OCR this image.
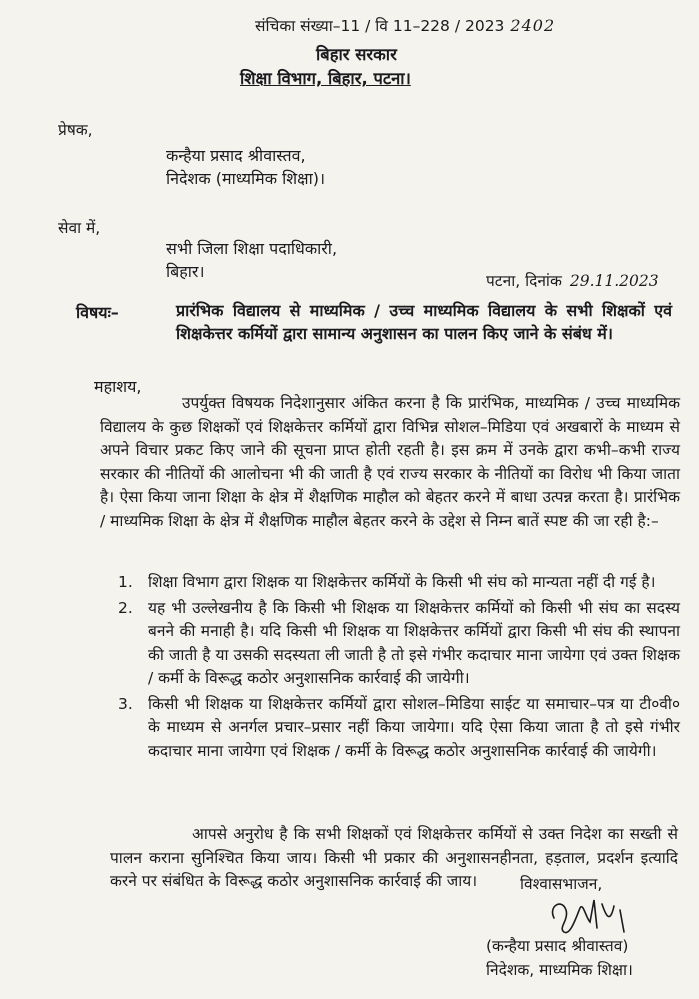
संचिका संख्या–11 / वि 11–228 / 2023 2402
बिहार सरकार
शिक्षा विभाग, बिहार, पटना।
प्रेषक,
कन्हैया प्रसाद श्रीवास्तव,
निदेशक (माध्यमिक शिक्षा)।
सेवा में,
सभी जिला शिक्षा पदाधिकारी,
बिहार।	पटना, दिनांक 29.11.2023
विषयः–	प्रारंभिक विद्यालय से माध्यमिक / उच्च माध्यमिक विद्यालय के सभी शिक्षकों एवं शिक्षकेत्तर कर्मियों द्वारा सामान्य अनुशासन का पालन किए जाने के संबंध में।
महाशय,

उपर्युक्त विषयक निदेशानुसार अंकित करना है कि प्रारंभिक, माध्यमिक / उच्च माध्यमिक विद्यालय के कुछ शिक्षकों एवं शिक्षकेत्तर कर्मियों द्वारा विभिन्न सोशल–मिडिया एवं अखबारों के माध्यम से अपने विचार प्रकट किए जाने की सूचना प्राप्त होती रहती है। इस क्रम में उनके द्वारा कभी–कभी राज्य सरकार की नीतियों की आलोचना भी की जाती है एवं राज्य सरकार के नीतियों का विरोध भी किया जाता है। ऐसा किया जाना शिक्षा के क्षेत्र में शैक्षणिक माहौल को बेहतर करने में बाधा उत्पन्न करता है। प्रारंभिक / माध्यमिक शिक्षा के क्षेत्र में शैक्षणिक माहौल बेहतर करने के उद्देश से निम्न बातें स्पष्ट की जा रही है:–

1. शिक्षा विभाग द्वारा शिक्षक या शिक्षकेत्तर कर्मियों के किसी भी संघ को मान्यता नहीं दी गई है।
2. यह भी उल्लेखनीय है कि किसी भी शिक्षक या शिक्षकेत्तर कर्मियों को किसी भी संघ का सदस्य बनने की मनाही है। यदि किसी भी शिक्षक या शिक्षकेत्तर कर्मियों द्वारा किसी भी संघ की स्थापना की जाती है या उसकी सदस्यता ली जाती है तो इसे गंभीर कदाचार माना जायेगा एवं उक्त शिक्षक / कर्मी के विरूद्ध कठोर अनुशासनिक कार्रवाई की जायेगी।
3. किसी भी शिक्षक या शिक्षकेत्तर कर्मियों द्वारा सोशल–मिडिया साईट या समाचार–पत्र या टी०वी० के माध्यम से अनर्गल प्रचार–प्रसार नहीं किया जायेगा। यदि ऐसा किया जाता है तो इसे गंभीर कदाचार माना जायेगा एवं शिक्षक / कर्मी के विरूद्ध कठोर अनुशासनिक कार्रवाई की जायेगी।

आपसे अनुरोध है कि सभी शिक्षकों एवं शिक्षकेत्तर कर्मियों से उक्त निदेश का सख्ती से पालन कराना सुनिश्चित किया जाय। किसी भी प्रकार की अनुशासनहीनता, हड़ताल, प्रदर्शन इत्यादि करने पर संबंधित के विरूद्ध कठोर अनुशासनिक कार्रवाई की जाय।	विश्वासभाजन,
(कन्हैया प्रसाद श्रीवास्तव)
निदेशक, माध्यमिक शिक्षा।
